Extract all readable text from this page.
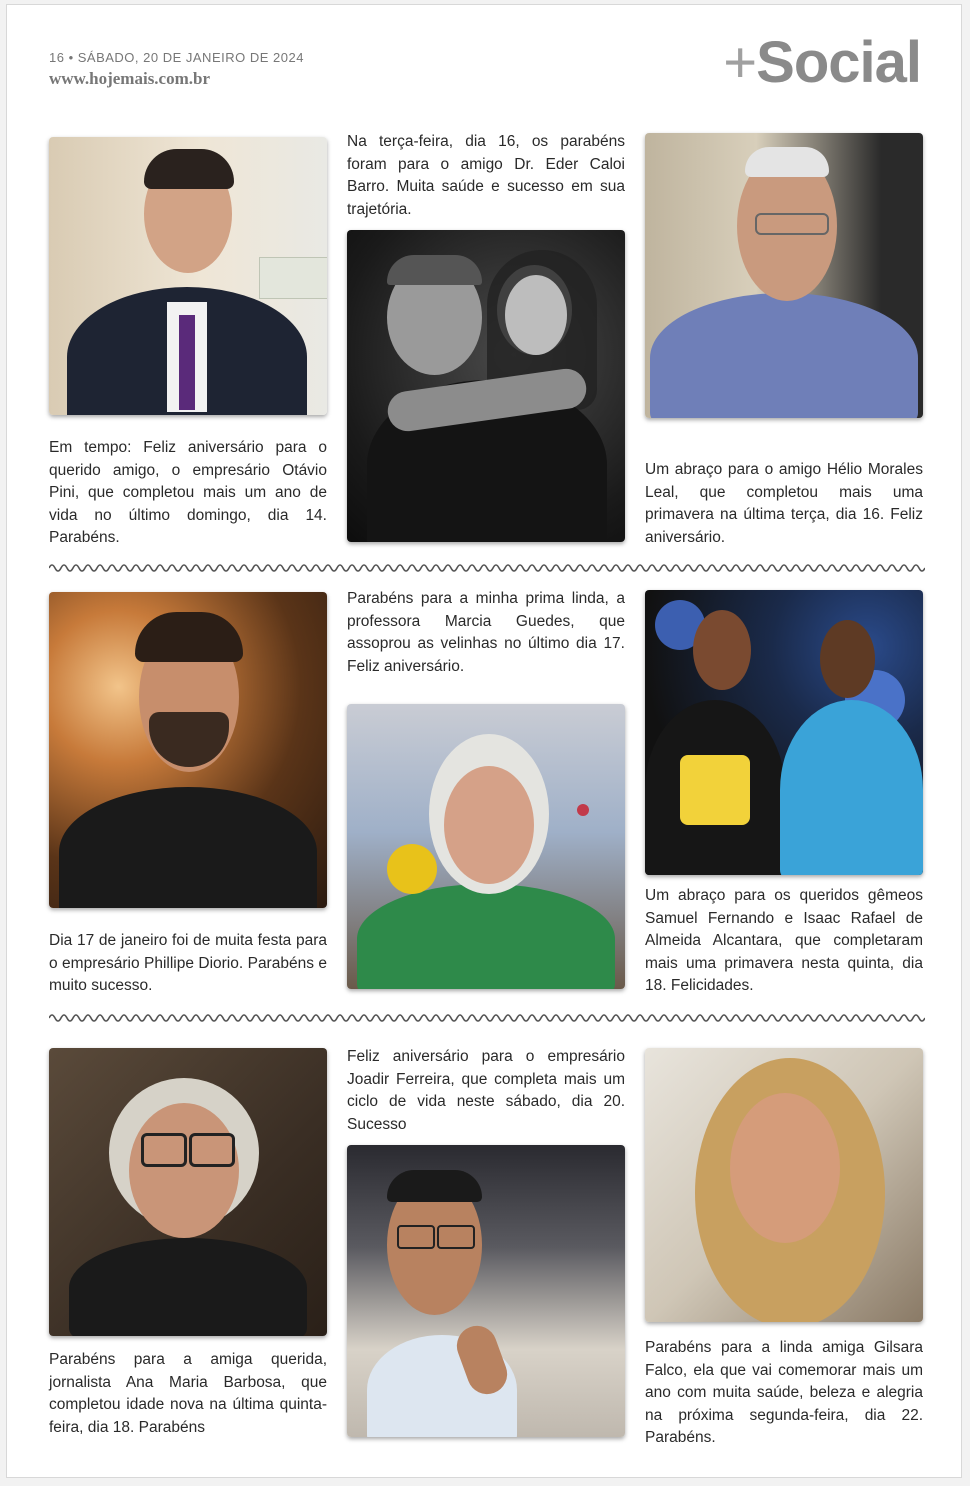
16 • SÁBADO, 20 DE JANEIRO DE 2024
www.hojemais.com.br	+Social
Em tempo: Feliz aniversário para o querido amigo, o empresário Otávio Pini, que completou mais um ano de vida no último domingo, dia 14. Parabéns.
Na terça-feira, dia 16, os parabéns foram para o amigo Dr. Eder Caloi Barro. Muita saúde e sucesso em sua trajetória.
Um abraço para o amigo Hélio Morales Leal, que completou mais uma primavera na última terça, dia 16. Feliz aniversário.
Dia 17 de janeiro foi de muita festa para o empresário Phillipe Diorio. Parabéns e muito sucesso.
Parabéns para a minha prima linda, a professora Marcia Guedes, que assoprou as velinhas no último dia 17. Feliz aniversário.
Um abraço para os queridos gêmeos Samuel Fernando e Isaac Rafael de Almeida Alcantara, que completaram mais uma primavera nesta quinta, dia 18. Felicidades.
Parabéns para a amiga querida, jornalista Ana Maria Barbosa, que completou idade nova na última quinta-feira, dia 18. Parabéns
Feliz aniversário para o empresário Joadir Ferreira, que completa mais um ciclo de vida neste sábado, dia 20. Sucesso
Parabéns para a linda amiga Gilsara Falco, ela que vai comemorar mais um ano com muita saúde, beleza e alegria na próxima segunda-feira, dia 22. Parabéns.
